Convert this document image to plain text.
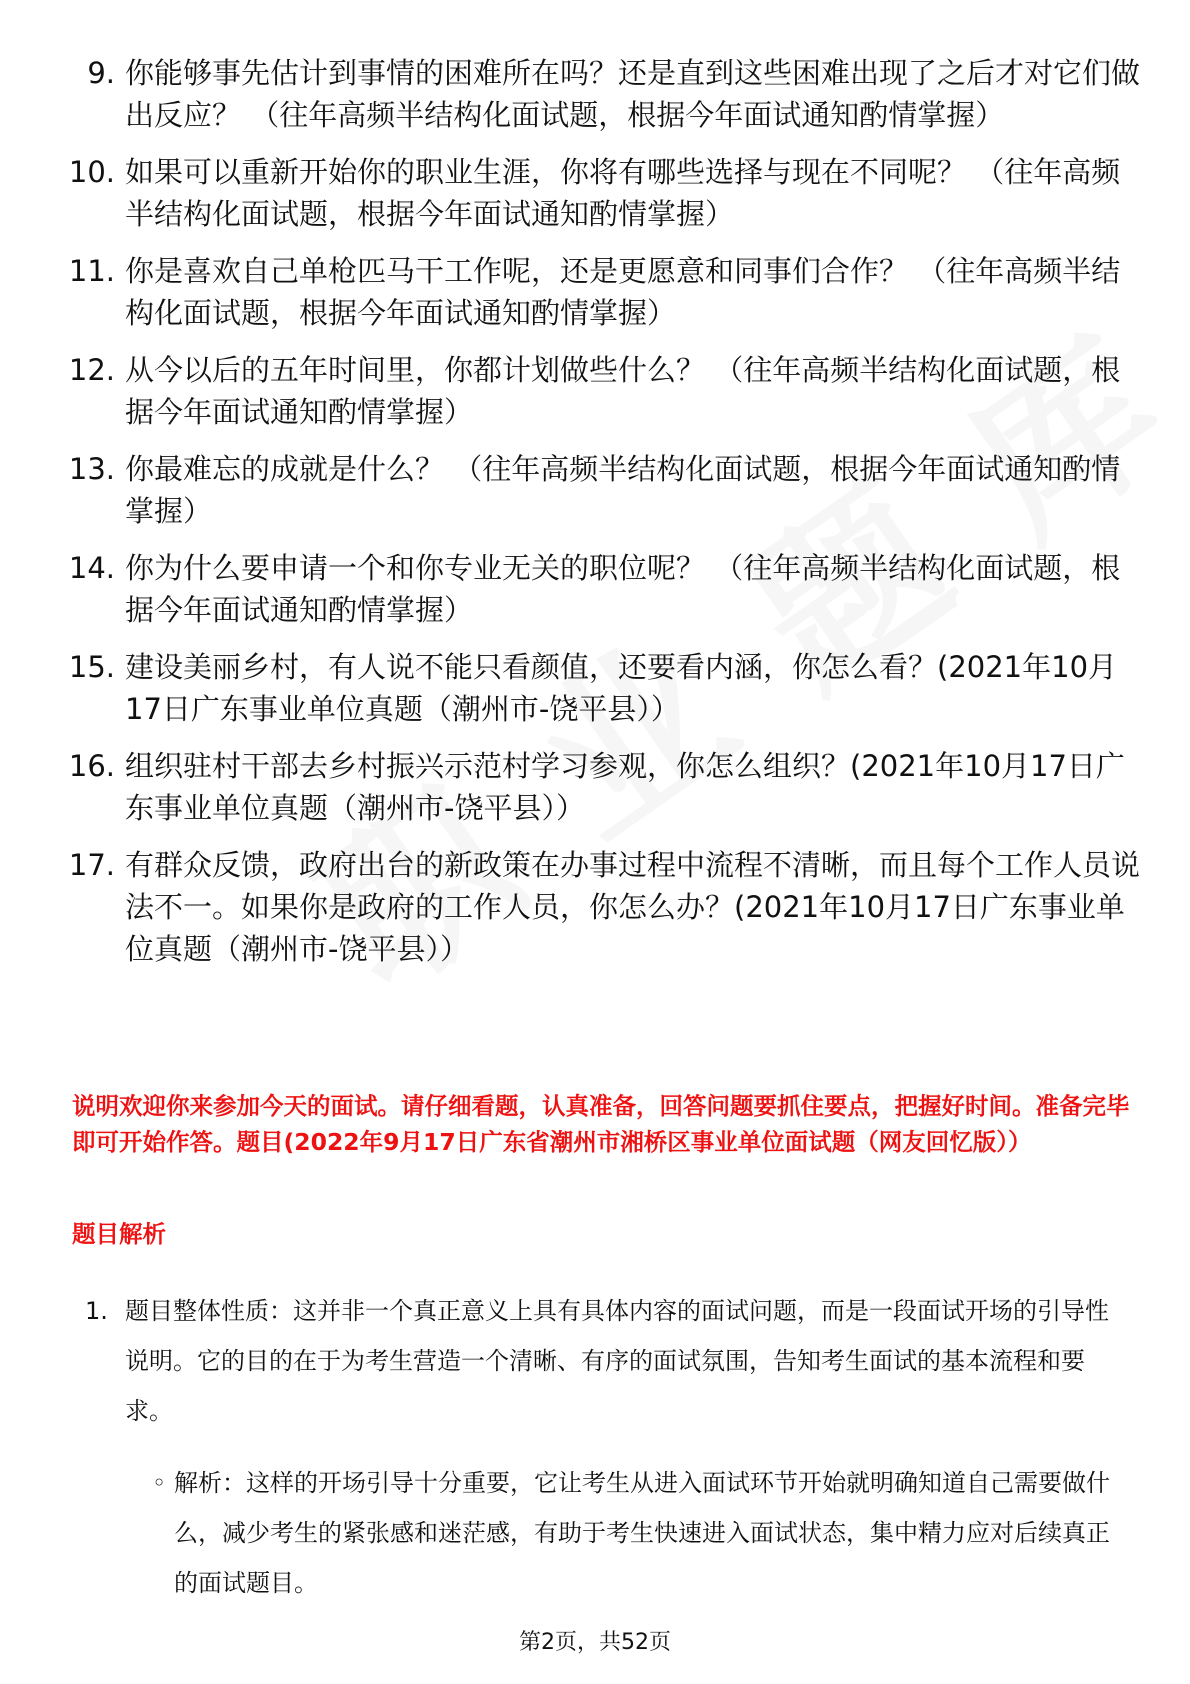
9. 你能够事先估计到事情的困难所在吗？还是直到这些困难出现了之后才对它们做出反应？ （往年高频半结构化面试题，根据今年面试通知酌情掌握）
10. 如果可以重新开始你的职业生涯，你将有哪些选择与现在不同呢？ （往年高频半结构化面试题，根据今年面试通知酌情掌握）
11. 你是喜欢自己单枪匹马干工作呢，还是更愿意和同事们合作？ （往年高频半结构化面试题，根据今年面试通知酌情掌握）
12. 从今以后的五年时间里，你都计划做些什么？ （往年高频半结构化面试题，根据今年面试通知酌情掌握）
13. 你最难忘的成就是什么？ （往年高频半结构化面试题，根据今年面试通知酌情掌握）
14. 你为什么要申请一个和你专业无关的职位呢？ （往年高频半结构化面试题，根据今年面试通知酌情掌握）
15. 建设美丽乡村，有人说不能只看颜值，还要看内涵，你怎么看？(2021年10月17日广东事业单位真题（潮州市-饶平县））
16. 组织驻村干部去乡村振兴示范村学习参观，你怎么组织？(2021年10月17日广东事业单位真题（潮州市-饶平县））
17. 有群众反馈，政府出台的新政策在办事过程中流程不清晰，而且每个工作人员说法不一。如果你是政府的工作人员，你怎么办？(2021年10月17日广东事业单位真题（潮州市-饶平县））
说明欢迎你来参加今天的面试。请仔细看题，认真准备，回答问题要抓住要点，把握好时间。准备完毕即可开始作答。题目(2022年9月17日广东省潮州市湘桥区事业单位面试题（网友回忆版））
题目解析
1. 题目整体性质：这并非一个真正意义上具有具体内容的面试问题，而是一段面试开场的引导性说明。它的目的在于为考生营造一个清晰、有序的面试氛围，告知考生面试的基本流程和要求。
◦ 解析：这样的开场引导十分重要，它让考生从进入面试环节开始就明确知道自己需要做什么，减少考生的紧张感和迷茫感，有助于考生快速进入面试状态，集中精力应对后续真正的面试题目。
第2页，共52页
